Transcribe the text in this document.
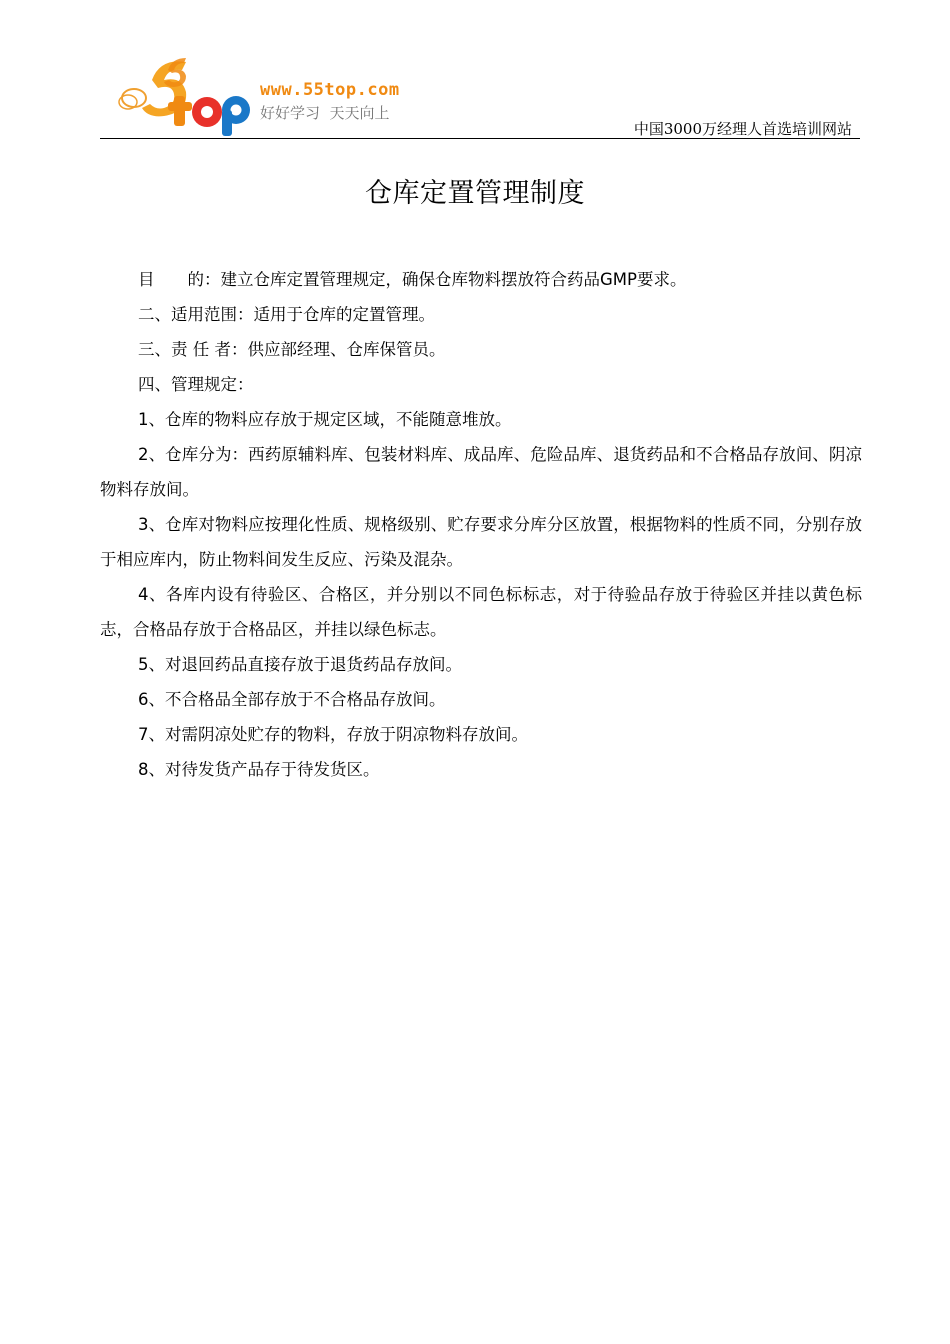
www.55top.com
好好学习  天天向上
中国3000万经理人首选培训网站
仓库定置管理制度

目　　的：建立仓库定置管理规定，确保仓库物料摆放符合药品GMP要求。

二、适用范围：适用于仓库的定置管理。

三、责 任 者：供应部经理、仓库保管员。

四、管理规定：

1、仓库的物料应存放于规定区域，不能随意堆放。

2、仓库分为：西药原辅料库、包装材料库、成品库、危险品库、退货药品和不合格品存放间、阴凉物料存放间。

3、仓库对物料应按理化性质、规格级别、贮存要求分库分区放置，根据物料的性质不同，分别存放于相应库内，防止物料间发生反应、污染及混杂。

4、各库内设有待验区、合格区，并分别以不同色标标志，对于待验品存放于待验区并挂以黄色标志，合格品存放于合格品区，并挂以绿色标志。

5、对退回药品直接存放于退货药品存放间。

6、不合格品全部存放于不合格品存放间。

7、对需阴凉处贮存的物料，存放于阴凉物料存放间。

8、对待发货产品存于待发货区。
